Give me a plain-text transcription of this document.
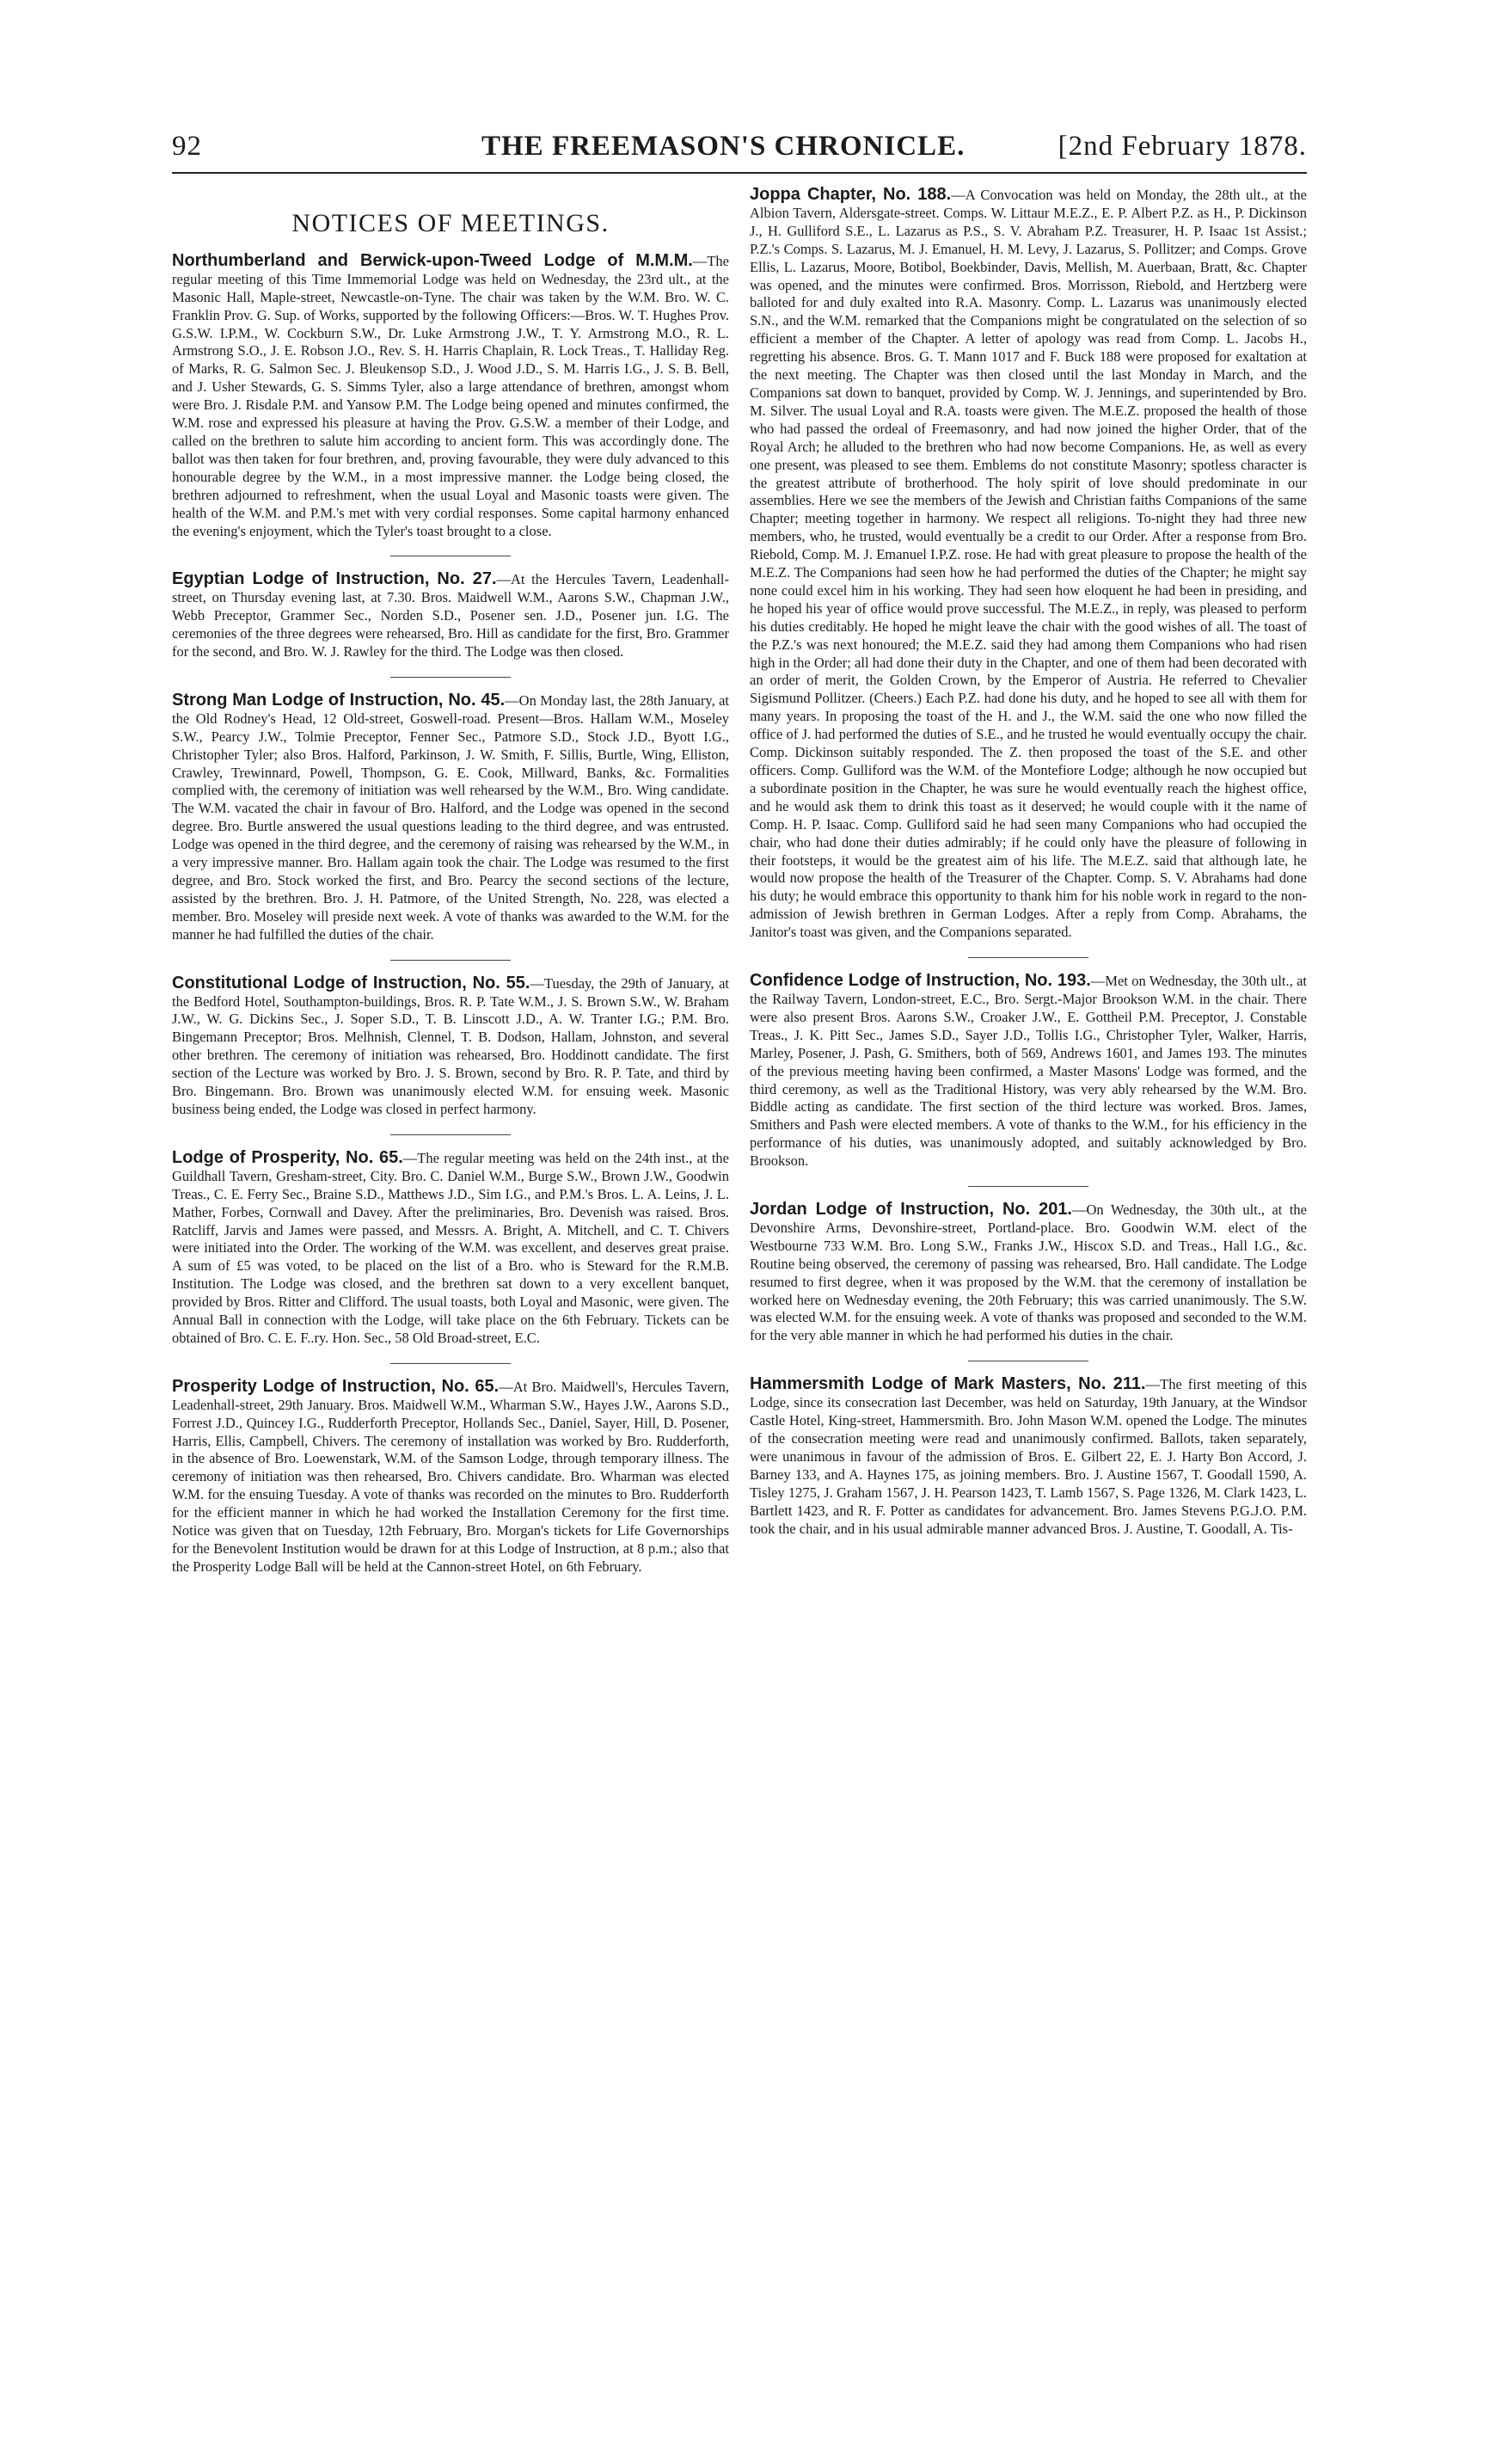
92	THE FREEMASON'S CHRONICLE.	[2nd February 1878.
NOTICES OF MEETINGS.

Northumberland and Berwick-upon-Tweed Lodge of M.M.M.—The regular meeting of this Time Immemorial Lodge was held on Wednesday, the 23rd ult., at the Masonic Hall, Maple-street, Newcastle-on-Tyne. The chair was taken by the W.M. Bro. W. C. Franklin Prov. G. Sup. of Works, supported by the following Officers:—Bros. W. T. Hughes Prov. G.S.W. I.P.M., W. Cockburn S.W., Dr. Luke Armstrong J.W., T. Y. Armstrong M.O., R. L. Armstrong S.O., J. E. Robson J.O., Rev. S. H. Harris Chaplain, R. Lock Treas., T. Halliday Reg. of Marks, R. G. Salmon Sec. J. Bleukensop S.D., J. Wood J.D., S. M. Harris I.G., J. S. B. Bell, and J. Usher Stewards, G. S. Simms Tyler, also a large attendance of brethren, amongst whom were Bro. J. Risdale P.M. and Yansow P.M. The Lodge being opened and minutes confirmed, the W.M. rose and expressed his pleasure at having the Prov. G.S.W. a member of their Lodge, and called on the brethren to salute him according to ancient form. This was accordingly done. The ballot was then taken for four brethren, and, proving favourable, they were duly advanced to this honourable degree by the W.M., in a most impressive manner. the Lodge being closed, the brethren adjourned to refreshment, when the usual Loyal and Masonic toasts were given. The health of the W.M. and P.M.'s met with very cordial responses. Some capital harmony enhanced the evening's enjoyment, which the Tyler's toast brought to a close.

Egyptian Lodge of Instruction, No. 27.—At the Hercules Tavern, Leadenhall-street, on Thursday evening last, at 7.30. Bros. Maidwell W.M., Aarons S.W., Chapman J.W., Webb Preceptor, Grammer Sec., Norden S.D., Posener sen. J.D., Posener jun. I.G. The ceremonies of the three degrees were rehearsed, Bro. Hill as candidate for the first, Bro. Grammer for the second, and Bro. W. J. Rawley for the third. The Lodge was then closed.

Strong Man Lodge of Instruction, No. 45.—On Monday last, the 28th January, at the Old Rodney's Head, 12 Old-street, Goswell-road. Present—Bros. Hallam W.M., Moseley S.W., Pearcy J.W., Tolmie Preceptor, Fenner Sec., Patmore S.D., Stock J.D., Byott I.G., Christopher Tyler; also Bros. Halford, Parkinson, J. W. Smith, F. Sillis, Burtle, Wing, Elliston, Crawley, Trewinnard, Powell, Thompson, G. E. Cook, Millward, Banks, &c. Formalities complied with, the ceremony of initiation was well rehearsed by the W.M., Bro. Wing candidate. The W.M. vacated the chair in favour of Bro. Halford, and the Lodge was opened in the second degree. Bro. Burtle answered the usual questions leading to the third degree, and was entrusted. Lodge was opened in the third degree, and the ceremony of raising was rehearsed by the W.M., in a very impressive manner. Bro. Hallam again took the chair. The Lodge was resumed to the first degree, and Bro. Stock worked the first, and Bro. Pearcy the second sections of the lecture, assisted by the brethren. Bro. J. H. Patmore, of the United Strength, No. 228, was elected a member. Bro. Moseley will preside next week. A vote of thanks was awarded to the W.M. for the manner he had fulfilled the duties of the chair.

Constitutional Lodge of Instruction, No. 55.—Tuesday, the 29th of January, at the Bedford Hotel, Southampton-buildings, Bros. R. P. Tate W.M., J. S. Brown S.W., W. Braham J.W., W. G. Dickins Sec., J. Soper S.D., T. B. Linscott J.D., A. W. Tranter I.G.; P.M. Bro. Bingemann Preceptor; Bros. Melhnish, Clennel, T. B. Dodson, Hallam, Johnston, and several other brethren. The ceremony of initiation was rehearsed, Bro. Hoddinott candidate. The first section of the Lecture was worked by Bro. J. S. Brown, second by Bro. R. P. Tate, and third by Bro. Bingemann. Bro. Brown was unanimously elected W.M. for ensuing week. Masonic business being ended, the Lodge was closed in perfect harmony.

Lodge of Prosperity, No. 65.—The regular meeting was held on the 24th inst., at the Guildhall Tavern, Gresham-street, City. Bro. C. Daniel W.M., Burge S.W., Brown J.W., Goodwin Treas., C. E. Ferry Sec., Braine S.D., Matthews J.D., Sim I.G., and P.M.'s Bros. L. A. Leins, J. L. Mather, Forbes, Cornwall and Davey. After the preliminaries, Bro. Devenish was raised. Bros. Ratcliff, Jarvis and James were passed, and Messrs. A. Bright, A. Mitchell, and C. T. Chivers were initiated into the Order. The working of the W.M. was excellent, and deserves great praise. A sum of £5 was voted, to be placed on the list of a Bro. who is Steward for the R.M.B. Institution. The Lodge was closed, and the brethren sat down to a very excellent banquet, provided by Bros. Ritter and Clifford. The usual toasts, both Loyal and Masonic, were given. The Annual Ball in connection with the Lodge, will take place on the 6th February. Tickets can be obtained of Bro. C. E. F..ry. Hon. Sec., 58 Old Broad-street, E.C.

Prosperity Lodge of Instruction, No. 65.—At Bro. Maidwell's, Hercules Tavern, Leadenhall-street, 29th January. Bros. Maidwell W.M., Wharman S.W., Hayes J.W., Aarons S.D., Forrest J.D., Quincey I.G., Rudderforth Preceptor, Hollands Sec., Daniel, Sayer, Hill, D. Posener, Harris, Ellis, Campbell, Chivers. The ceremony of installation was worked by Bro. Rudderforth, in the absence of Bro. Loewenstark, W.M. of the Samson Lodge, through temporary illness. The ceremony of initiation was then rehearsed, Bro. Chivers candidate. Bro. Wharman was elected W.M. for the ensuing Tuesday. A vote of thanks was recorded on the minutes to Bro. Rudderforth for the efficient manner in which he had worked the Installation Ceremony for the first time. Notice was given that on Tuesday, 12th February, Bro. Morgan's tickets for Life Governorships for the Benevolent Institution would be drawn for at this Lodge of Instruction, at 8 p.m.; also that the Prosperity Lodge Ball will be held at the Cannon-street Hotel, on 6th February.

Joppa Chapter, No. 188.—A Convocation was held on Monday, the 28th ult., at the Albion Tavern, Aldersgate-street. Comps. W. Littaur M.E.Z., E. P. Albert P.Z. as H., P. Dickinson J., H. Gulliford S.E., L. Lazarus as P.S., S. V. Abraham P.Z. Treasurer, H. P. Isaac 1st Assist.; P.Z.'s Comps. S. Lazarus, M. J. Emanuel, H. M. Levy, J. Lazarus, S. Pollitzer; and Comps. Grove Ellis, L. Lazarus, Moore, Botibol, Boekbinder, Davis, Mellish, M. Auerbaan, Bratt, &c. Chapter was opened, and the minutes were confirmed. Bros. Morrisson, Riebold, and Hertzberg were balloted for and duly exalted into R.A. Masonry. Comp. L. Lazarus was unanimously elected S.N., and the W.M. remarked that the Companions might be congratulated on the selection of so efficient a member of the Chapter. A letter of apology was read from Comp. L. Jacobs H., regretting his absence. Bros. G. T. Mann 1017 and F. Buck 188 were proposed for exaltation at the next meeting. The Chapter was then closed until the last Monday in March, and the Companions sat down to banquet, provided by Comp. W. J. Jennings, and superintended by Bro. M. Silver. The usual Loyal and R.A. toasts were given. The M.E.Z. proposed the health of those who had passed the ordeal of Freemasonry, and had now joined the higher Order, that of the Royal Arch; he alluded to the brethren who had now become Companions. He, as well as every one present, was pleased to see them. Emblems do not constitute Masonry; spotless character is the greatest attribute of brotherhood. The holy spirit of love should predominate in our assemblies. Here we see the members of the Jewish and Christian faiths Companions of the same Chapter; meeting together in harmony. We respect all religions. To-night they had three new members, who, he trusted, would eventually be a credit to our Order. After a response from Bro. Riebold, Comp. M. J. Emanuel I.P.Z. rose. He had with great pleasure to propose the health of the M.E.Z. The Companions had seen how he had performed the duties of the Chapter; he might say none could excel him in his working. They had seen how eloquent he had been in presiding, and he hoped his year of office would prove successful. The M.E.Z., in reply, was pleased to perform his duties creditably. He hoped he might leave the chair with the good wishes of all. The toast of the P.Z.'s was next honoured; the M.E.Z. said they had among them Companions who had risen high in the Order; all had done their duty in the Chapter, and one of them had been decorated with an order of merit, the Golden Crown, by the Emperor of Austria. He referred to Chevalier Sigismund Pollitzer. (Cheers.) Each P.Z. had done his duty, and he hoped to see all with them for many years. In proposing the toast of the H. and J., the W.M. said the one who now filled the office of J. had performed the duties of S.E., and he trusted he would eventually occupy the chair. Comp. Dickinson suitably responded. The Z. then proposed the toast of the S.E. and other officers. Comp. Gulliford was the W.M. of the Montefiore Lodge; although he now occupied but a subordinate position in the Chapter, he was sure he would eventually reach the highest office, and he would ask them to drink this toast as it deserved; he would couple with it the name of Comp. H. P. Isaac. Comp. Gulliford said he had seen many Companions who had occupied the chair, who had done their duties admirably; if he could only have the pleasure of following in their footsteps, it would be the greatest aim of his life. The M.E.Z. said that although late, he would now propose the health of the Treasurer of the Chapter. Comp. S. V. Abrahams had done his duty; he would embrace this opportunity to thank him for his noble work in regard to the non-admission of Jewish brethren in German Lodges. After a reply from Comp. Abrahams, the Janitor's toast was given, and the Companions separated.

Confidence Lodge of Instruction, No. 193.—Met on Wednesday, the 30th ult., at the Railway Tavern, London-street, E.C., Bro. Sergt.-Major Brookson W.M. in the chair. There were also present Bros. Aarons S.W., Croaker J.W., E. Gottheil P.M. Preceptor, J. Constable Treas., J. K. Pitt Sec., James S.D., Sayer J.D., Tollis I.G., Christopher Tyler, Walker, Harris, Marley, Posener, J. Pash, G. Smithers, both of 569, Andrews 1601, and James 193. The minutes of the previous meeting having been confirmed, a Master Masons' Lodge was formed, and the third ceremony, as well as the Traditional History, was very ably rehearsed by the W.M. Bro. Biddle acting as candidate. The first section of the third lecture was worked. Bros. James, Smithers and Pash were elected members. A vote of thanks to the W.M., for his efficiency in the performance of his duties, was unanimously adopted, and suitably acknowledged by Bro. Brookson.

Jordan Lodge of Instruction, No. 201.—On Wednesday, the 30th ult., at the Devonshire Arms, Devonshire-street, Portland-place. Bro. Goodwin W.M. elect of the Westbourne 733 W.M. Bro. Long S.W., Franks J.W., Hiscox S.D. and Treas., Hall I.G., &c. Routine being observed, the ceremony of passing was rehearsed, Bro. Hall candidate. The Lodge resumed to first degree, when it was proposed by the W.M. that the ceremony of installation be worked here on Wednesday evening, the 20th February; this was carried unanimously. The S.W. was elected W.M. for the ensuing week. A vote of thanks was proposed and seconded to the W.M. for the very able manner in which he had performed his duties in the chair.

Hammersmith Lodge of Mark Masters, No. 211.—The first meeting of this Lodge, since its consecration last December, was held on Saturday, 19th January, at the Windsor Castle Hotel, King-street, Hammersmith. Bro. John Mason W.M. opened the Lodge. The minutes of the consecration meeting were read and unanimously confirmed. Ballots, taken separately, were unanimous in favour of the admission of Bros. E. Gilbert 22, E. J. Harty Bon Accord, J. Barney 133, and A. Haynes 175, as joining members. Bro. J. Austine 1567, T. Goodall 1590, A. Tisley 1275, J. Graham 1567, J. H. Pearson 1423, T. Lamb 1567, S. Page 1326, M. Clark 1423, L. Bartlett 1423, and R. F. Potter as candidates for advancement. Bro. James Stevens P.G.J.O. P.M. took the chair, and in his usual admirable manner advanced Bros. J. Austine, T. Goodall, A. Tis-
